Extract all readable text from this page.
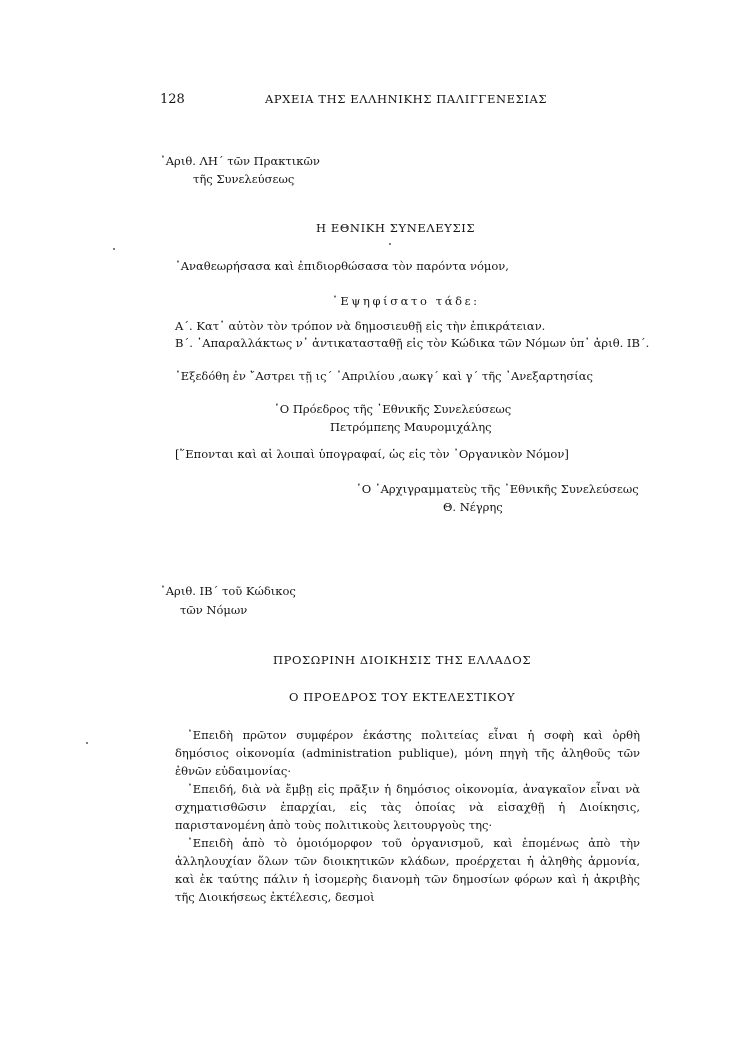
128	ΑΡΧΕΙΑ ΤΗΣ ΕΛΛΗΝΙΚΗΣ ΠΑΛΙΓΓΕΝΕΣΙΑΣ
᾿Αριθ. ΛΗ΄ τῶν Πρακτικῶν
τῆς Συνελεύσεως
Η ΕΘΝΙΚΗ ΣΥΝΕΛΕΥΣΙΣ
᾿Αναθεωρήσασα καὶ ἐπιδιορθώσασα τὸν παρόντα νόμον,
᾿Εψηφίσατο τάδε:
Α΄. Κατ᾿ αὐτὸν τὸν τρόπον νὰ δημοσιευθῇ εἰς τὴν ἐπικράτειαν.
Β΄. ᾿Απαραλλάκτως ν᾿ ἀντικατασταθῇ εἰς τὸν Κώδικα τῶν Νόμων ὑπ᾿ ἀριθ. ΙΒ΄.
᾿Εξεδόθη ἐν ῎Αστρει τῇ ις΄ ᾿Απριλίου ,αωκγ΄ καὶ γ΄ τῆς ᾿Ανεξαρτησίας
῾Ο Πρόεδρος τῆς ᾿Εθνικῆς Συνελεύσεως
Πετρόμπεης Μαυρομιχάλης
[῞Επονται καὶ αἱ λοιπαὶ ὑπογραφαί, ὡς εἰς τὸν ᾿Οργανικὸν Νόμον]
῾Ο ᾿Αρχιγραμματεὺς τῆς ᾿Εθνικῆς Συνελεύσεως
Θ. Νέγρης
᾿Αριθ. ΙΒ΄ τοῦ Κώδικος
τῶν Νόμων
ΠΡΟΣΩΡΙΝΗ ΔΙΟΙΚΗΣΙΣ ΤΗΣ ΕΛΛΑΔΟΣ
Ο ΠΡΟΕΔΡΟΣ ΤΟΥ ΕΚΤΕΛΕΣΤΙΚΟΥ

᾿Επειδὴ πρῶτον συμφέρον ἑκάστης πολιτείας εἶναι ἡ σοφὴ καὶ ὀρθὴ δημόσιος οἰκονομία (administration publique), μόνη πηγὴ τῆς ἀληθοῦς τῶν ἐθνῶν εὐδαιμονίας·

᾿Επειδή, διὰ νὰ ἔμβῃ εἰς πρᾶξιν ἡ δημόσιος οἰκονομία, ἀναγκαῖον εἶναι νὰ σχηματισθῶσιν ἐπαρχίαι, εἰς τὰς ὁποίας νὰ εἰσαχθῇ ἡ Διοίκησις, παριστανομένη ἀπὸ τοὺς πολιτικοὺς λειτουργοὺς της·

᾿Επειδὴ ἀπὸ τὸ ὁμοιόμορφον τοῦ ὀργανισμοῦ, καὶ ἑπομένως ἀπὸ τὴν ἀλληλουχίαν ὅλων τῶν διοικητικῶν κλάδων, προέρχεται ἡ ἀληθὴς ἁρμονία, καὶ ἐκ ταύτης πάλιν ἡ ἰσομερὴς διανομὴ τῶν δημοσίων φόρων καὶ ἡ ἀκριβὴς τῆς Διοικήσεως ἐκτέλεσις, δεσμοὶ
